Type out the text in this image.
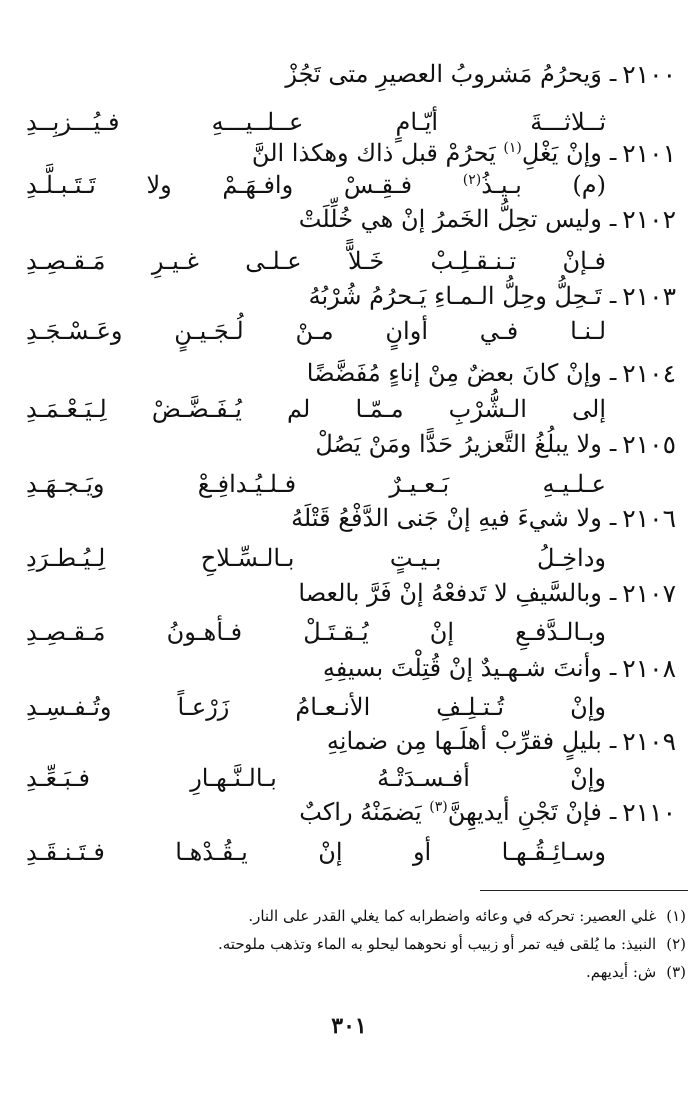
٢١٠٠
ـ
وَيحرُمُ مَشروبُ العصيرِ متى تَجُزْ
ثــلاثـــةَ أيّـامٍ عــلــيـــهِ فـيُـــزبِــدِ
٢١٠١
ـ
وإنْ يَغْلِ$^{(١)}$ يَحرُمْ قبل ذاك وهكذا النَّ
(م) بـيـذُ$^{(٢)}$ فـقِـسْ وافـهَـمْ ولا تَـتَـبـلَّـدِ
٢١٠٢
ـ
وليس تحِلُّ الخَمرُ إنْ هي خُلِّلَتْ
فـإنْ تـنـقـلِـبْ خَـلاًّ عـلـى غـيـرِ مَـقـصِـدِ
٢١٠٣
ـ
تَـحِلُّ وحِلُّ الـمـاءِ يَـحرُمُ شُرْبُهُ
لـنـا فـي أوانٍ مـنْ لُـجَـيـنٍ وعَـسْـجَـدِ
٢١٠٤
ـ
وإنْ كانَ بعضٌ مِنْ إناءٍ مُفَضَّضًا
إلى الـشُّرْبِ مـمّـا لم يُـفَـضَّـضْ لِـيَـعْـمَـدِ
٢١٠٥
ـ
ولا يبلُغُ التَّعزيرُ حَدًّا ومَنْ يَصُلْ
عـلـيـهِ بَـعـيـرٌ فـلـيُـدافِـعْ ويَـجـهَـدِ
٢١٠٦
ـ
ولا شيءَ فيهِ إنْ جَنى الدَّفْعُ قَتْلَهُ
وداخِـلُ بـيـتٍ بـالـسِّـلاحِ لِـيُـطـرَدِ
٢١٠٧
ـ
وبالسَّيفِ لا تَدفعْهُ إنْ فَرَّ بالعصا
وبـالـدَّفـعِ إنْ يُـقـتَـلْ فـأهـونُ مَـقـصِـدِ
٢١٠٨
ـ
وأنتَ شـهـيدٌ إنْ قُتِلْتَ بسيفِهِ
وإنْ تُـتـلِـفِ الأنـعـامُ زَرْعـاً وتُـفـسِـدِ
٢١٠٩
ـ
بليلٍ فقرِّبْ أهلَـها مِن ضمانِهِ
وإنْ أفـسـدَتْـهُ بـالـنَّـهـارِ فـبَـعِّـدِ
٢١١٠
ـ
فإنْ تَجْنِ أيديهِنَّ$^{(٣)}$ يَضمَنْهُ راكبٌ
وسـائِـقُـهـا أو إنْ يـقُـدْهـا فـتَـنـقَـدِ
(١)غلي العصير: تحركه في وعائه واضطرابه كما يغلي القدر على النار.
(٢)النبيذ: ما يُلقى فيه تمر أو زبيب أو نحوهما ليحلو به الماء وتذهب ملوحته.
(٣)ش: أيديهم.
٣٠١
